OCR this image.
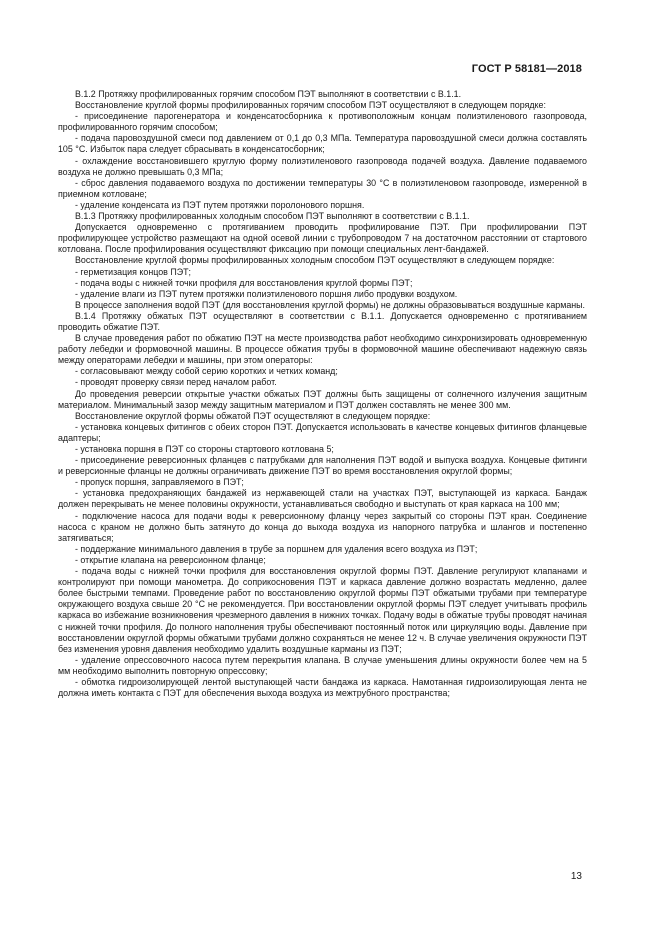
ГОСТ Р 58181—2018

В.1.2 Протяжку профилированных горячим способом ПЭТ выполняют в соответствии с В.1.1.

Восстановление круглой формы профилированных горячим способом ПЭТ осуществляют в следующем порядке:

- присоединение парогенератора и конденсатосборника к противоположным концам полиэтиленового газопровода, профилированного горячим способом;

- подача паровоздушной смеси под давлением от 0,1 до 0,3 МПа. Температура паровоздушной смеси должна составлять 105 °С. Избыток пара следует сбрасывать в конденсатосборник;

- охлаждение восстановившего круглую форму полиэтиленового газопровода подачей воздуха. Давление подаваемого воздуха не должно превышать 0,3 МПа;

- сброс давления подаваемого воздуха по достижении температуры 30 °С в полиэтиленовом газопроводе, измеренной в приемном котловане;

- удаление конденсата из ПЭТ путем протяжки поролонового поршня.

В.1.3 Протяжку профилированных холодным способом ПЭТ выполняют в соответствии с В.1.1.

Допускается одновременно с протягиванием проводить профилирование ПЭТ. При профилировании ПЭТ профилирующее устройство размещают на одной осевой линии с трубопроводом 7 на достаточном расстоянии от стартового котлована. После профилирования осуществляют фиксацию при помощи специальных лент-бандажей.

Восстановление круглой формы профилированных холодным способом ПЭТ осуществляют в следующем порядке:

- герметизация концов ПЭТ;

- подача воды с нижней точки профиля для восстановления круглой формы ПЭТ;

- удаление влаги из ПЭТ путем протяжки полиэтиленового поршня либо продувки воздухом.

В процессе заполнения водой ПЭТ (для восстановления круглой формы) не должны образовываться воздушные карманы.

В.1.4 Протяжку обжатых ПЭТ осуществляют в соответствии с В.1.1. Допускается одновременно с протягиванием проводить обжатие ПЭТ.

В случае проведения работ по обжатию ПЭТ на месте производства работ необходимо синхронизировать одновременную работу лебедки и формовочной машины. В процессе обжатия трубы в формовочной машине обеспечивают надежную связь между операторами лебедки и машины, при этом операторы:

- согласовывают между собой серию коротких и четких команд;

- проводят проверку связи перед началом работ.

До проведения реверсии открытые участки обжатых ПЭТ должны быть защищены от солнечного излучения защитным материалом. Минимальный зазор между защитным материалом и ПЭТ должен составлять не менее 300 мм.

Восстановление округлой формы обжатой ПЭТ осуществляют в следующем порядке:

- установка концевых фитингов с обеих сторон ПЭТ. Допускается использовать в качестве концевых фитингов фланцевые адаптеры;

- установка поршня в ПЭТ со стороны стартового котлована 5;

- присоединение реверсионных фланцев с патрубками для наполнения ПЭТ водой и выпуска воздуха. Концевые фитинги и реверсионные фланцы не должны ограничивать движение ПЭТ во время восстановления округлой формы;

- пропуск поршня, заправляемого в ПЭТ;

- установка предохраняющих бандажей из нержавеющей стали на участках ПЭТ, выступающей из каркаса. Бандаж должен перекрывать не менее половины окружности, устанавливаться свободно и выступать от края каркаса на 100 мм;

- подключение насоса для подачи воды к реверсионному фланцу через закрытый со стороны ПЭТ кран. Соединение насоса с краном не должно быть затянуто до конца до выхода воздуха из напорного патрубка и шлангов и постепенно затягиваться;

- поддержание минимального давления в трубе за поршнем для удаления всего воздуха из ПЭТ;

- открытие клапана на реверсионном фланце;

- подача воды с нижней точки профиля для восстановления округлой формы ПЭТ. Давление регулируют клапанами и контролируют при помощи манометра. До соприкосновения ПЭТ и каркаса давление должно возрастать медленно, далее более быстрыми темпами. Проведение работ по восстановлению округлой формы ПЭТ обжатыми трубами при температуре окружающего воздуха свыше 20 °С не рекомендуется. При восстановлении округлой формы ПЭТ следует учитывать профиль каркаса во избежание возникновения чрезмерного давления в нижних точках. Подачу воды в обжатые трубы проводят начиная с нижней точки профиля. До полного наполнения трубы обеспечивают постоянный поток или циркуляцию воды. Давление при восстановлении округлой формы обжатыми трубами должно сохраняться не менее 12 ч. В случае увеличения окружности ПЭТ без изменения уровня давления необходимо удалить воздушные карманы из ПЭТ;

- удаление опрессовочного насоса путем перекрытия клапана. В случае уменьшения длины окружности более чем на 5 мм необходимо выполнить повторную опрессовку;

- обмотка гидроизолирующей лентой выступающей части бандажа из каркаса. Намотанная гидроизолирующая лента не должна иметь контакта с ПЭТ для обеспечения выхода воздуха из межтрубного пространства;

13
